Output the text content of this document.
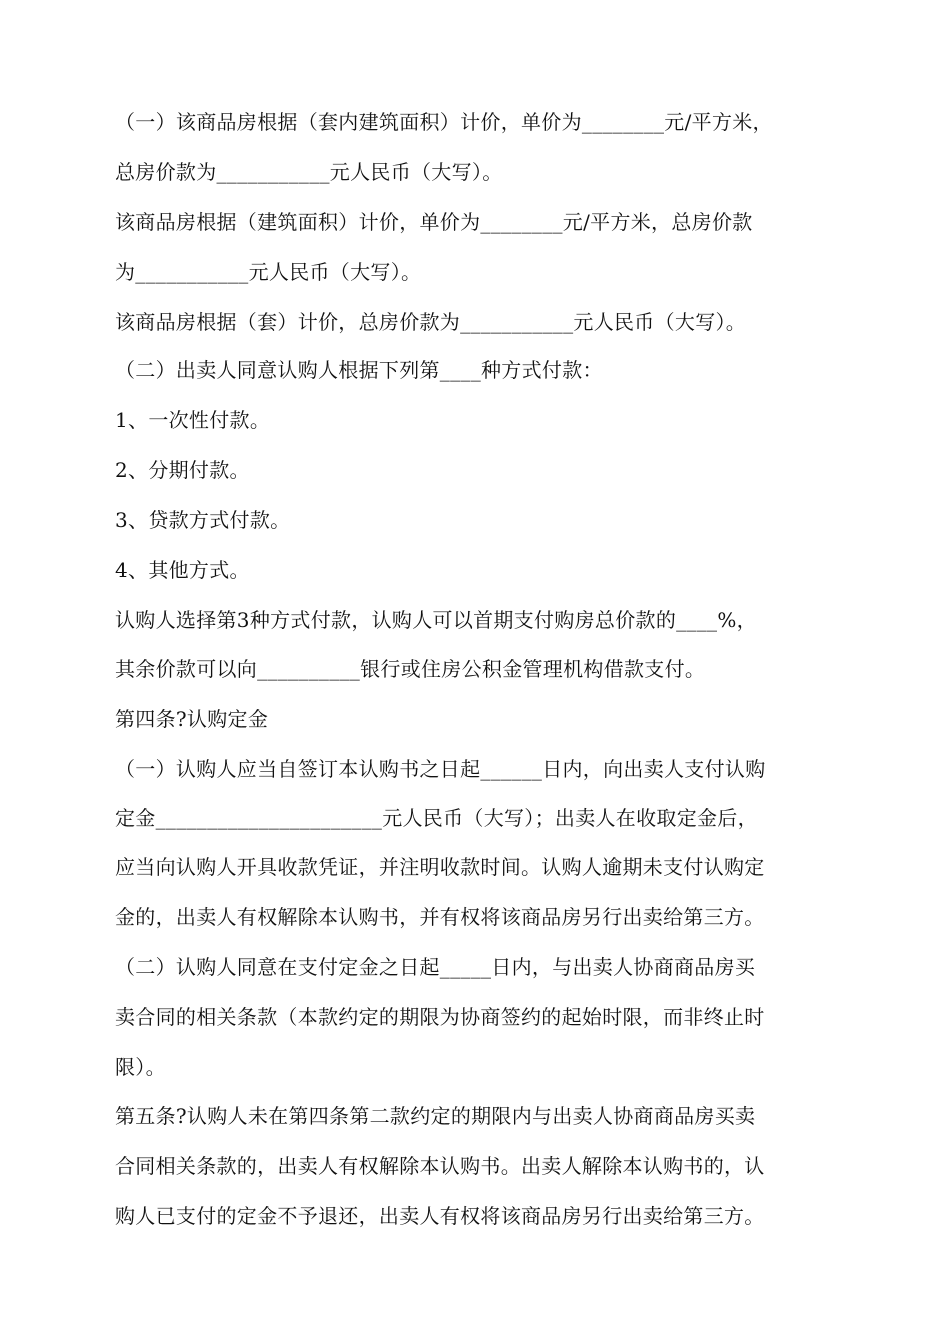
（一）该商品房根据（套内建筑面积）计价，单价为________元/平方米，
总房价款为___________元人民币（大写）。
该商品房根据（建筑面积）计价，单价为________元/平方米，总房价款
为___________元人民币（大写）。
该商品房根据（套）计价，总房价款为___________元人民币（大写）。
（二）出卖人同意认购人根据下列第____种方式付款：
1、一次性付款。
2、分期付款。
3、贷款方式付款。
4、其他方式。
认购人选择第3种方式付款，认购人可以首期支付购房总价款的____%，
其余价款可以向__________银行或住房公积金管理机构借款支付。
第四条?认购定金
（一）认购人应当自签订本认购书之日起______日内，向出卖人支付认购
定金______________________元人民币（大写）；出卖人在收取定金后，
应当向认购人开具收款凭证，并注明收款时间。认购人逾期未支付认购定
金的，出卖人有权解除本认购书，并有权将该商品房另行出卖给第三方。
（二）认购人同意在支付定金之日起_____日内，与出卖人协商商品房买
卖合同的相关条款（本款约定的期限为协商签约的起始时限，而非终止时
限）。
第五条?认购人未在第四条第二款约定的期限内与出卖人协商商品房买卖
合同相关条款的，出卖人有权解除本认购书。出卖人解除本认购书的，认
购人已支付的定金不予退还，出卖人有权将该商品房另行出卖给第三方。
